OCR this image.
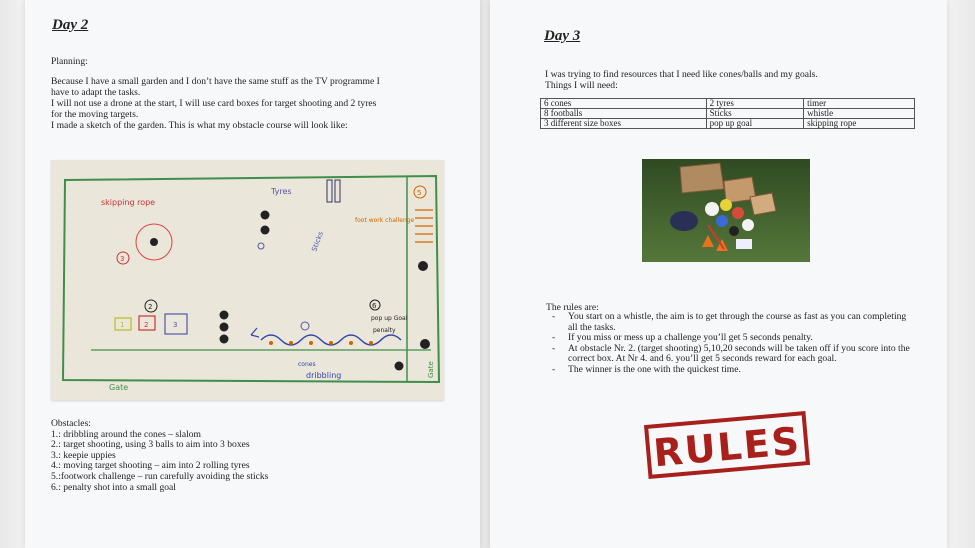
Day 2
Planning:
Because I have a small garden and I don’t have the same stuff as the TV programme I
have to adapt the tasks.
I will not use a drone at the start, I will use card boxes for target shooting and 2 tyres
for the moving targets.
I made a sketch of the garden. This is what my obstacle course will look like:
skipping rope
3
Tyres
Sticks
foot work challenge
5
2
1	2	3
6
pop up Goal
penalty
cones
dribbling
Gate
Gate
Obstacles:
1.: dribbling around the cones – slalom
2.: target shooting, using 3 balls to aim into 3 boxes
3.: keepie uppies
4.: moving target shooting – aim into 2 rolling tyres
5.:footwork challenge – run carefully avoiding the sticks
6.: penalty shot into a small goal
Day 3
I was trying to find resources that I need like cones/balls and my goals.
Things I will need:
6 cones	2 tyres	timer
8 footballs	Sticks	whistle
3 different size boxes	pop up goal	skipping rope
The rules are:
- You start on a whistle, the aim is to get through the course as fast as you can completing all the tasks.
- If you miss or mess up a challenge you’ll get 5 seconds penalty.
- At obstacle Nr. 2. (target shooting) 5,10,20 seconds will be taken off if you score into the correct box. At Nr 4. and 6. you’ll get 5 seconds reward for each goal.
- The winner is the one with the quickest time.
RULES
